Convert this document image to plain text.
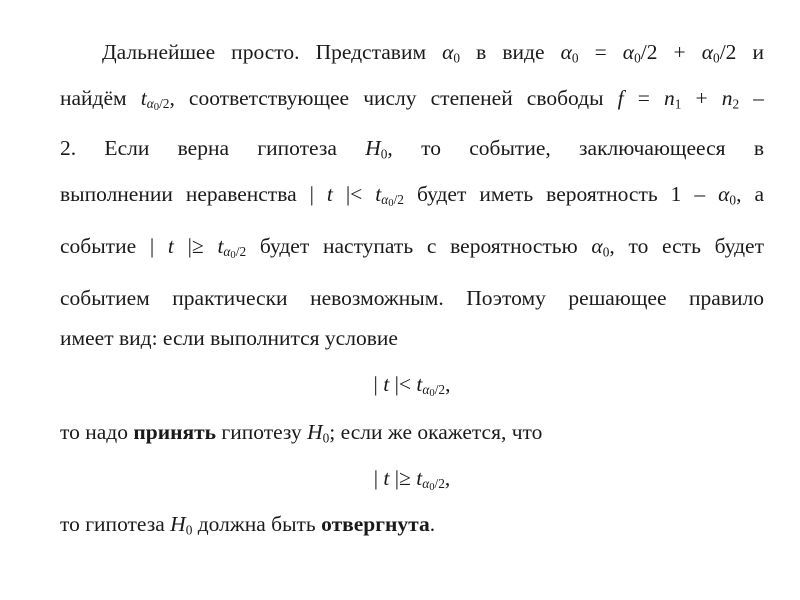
Дальнейшее просто. Представим $\alpha_0$ в виде $\alpha_0 = \alpha_0/2 + \alpha_0/2$ и
найдём $t_{\alpha_0/2}$, соответствующее числу степеней свободы $f = n_1 + n_2$ –
2. Если верна гипотеза $H_0$, то событие, заключающееся в
выполнении неравенства | t |< $t_{\alpha_0/2}$ будет иметь вероятность $1 - \alpha_0$, а
событие | t |≥ $t_{\alpha_0/2}$ будет наступать с вероятностью $\alpha_0$, то есть будет
событием практически невозможным. Поэтому решающее правило
имеет вид: если выполнится условие
| t |< $t_{\alpha_0/2}$,
то надо принять гипотезу $H_0$; если же окажется, что
| t |≥ $t_{\alpha_0/2}$,
то гипотеза $H_0$ должна быть отвергнута.
